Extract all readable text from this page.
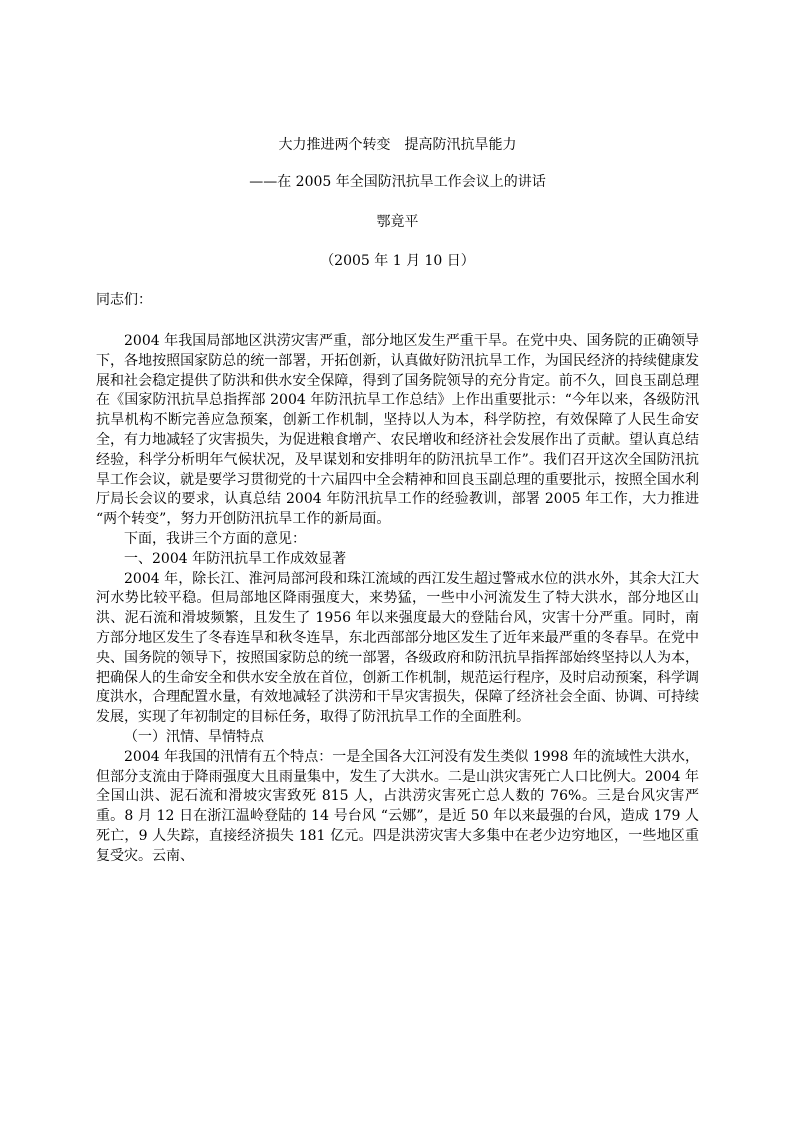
大力推进两个转变　提高防汛抗旱能力

——在 2005 年全国防汛抗旱工作会议上的讲话

鄂竟平

（2005 年 1 月 10 日）

同志们：

2004 年我国局部地区洪涝灾害严重，部分地区发生严重干旱。在党中央、国务院的正确领导下，各地按照国家防总的统一部署，开拓创新，认真做好防汛抗旱工作，为国民经济的持续健康发展和社会稳定提供了防洪和供水安全保障，得到了国务院领导的充分肯定。前不久，回良玉副总理在《国家防汛抗旱总指挥部 2004 年防汛抗旱工作总结》上作出重要批示：“今年以来，各级防汛抗旱机构不断完善应急预案，创新工作机制，坚持以人为本，科学防控，有效保障了人民生命安全，有力地减轻了灾害损失，为促进粮食增产、农民增收和经济社会发展作出了贡献。望认真总结经验，科学分析明年气候状况，及早谋划和安排明年的防汛抗旱工作”。我们召开这次全国防汛抗旱工作会议，就是要学习贯彻党的十六届四中全会精神和回良玉副总理的重要批示，按照全国水利厅局长会议的要求，认真总结 2004 年防汛抗旱工作的经验教训，部署 2005 年工作，大力推进 “两个转变”，努力开创防汛抗旱工作的新局面。

下面，我讲三个方面的意见：

一、2004 年防汛抗旱工作成效显著

2004 年，除长江、淮河局部河段和珠江流域的西江发生超过警戒水位的洪水外，其余大江大河水势比较平稳。但局部地区降雨强度大，来势猛，一些中小河流发生了特大洪水，部分地区山洪、泥石流和滑坡频繁，且发生了 1956 年以来强度最大的登陆台风，灾害十分严重。同时，南方部分地区发生了冬春连旱和秋冬连旱，东北西部部分地区发生了近年来最严重的冬春旱。在党中央、国务院的领导下，按照国家防总的统一部署，各级政府和防汛抗旱指挥部始终坚持以人为本，把确保人的生命安全和供水安全放在首位，创新工作机制，规范运行程序，及时启动预案，科学调度洪水，合理配置水量，有效地减轻了洪涝和干旱灾害损失，保障了经济社会全面、协调、可持续发展，实现了年初制定的目标任务，取得了防汛抗旱工作的全面胜利。

（一）汛情、旱情特点

2004 年我国的汛情有五个特点：一是全国各大江河没有发生类似 1998 年的流域性大洪水，但部分支流由于降雨强度大且雨量集中，发生了大洪水。二是山洪灾害死亡人口比例大。2004 年全国山洪、泥石流和滑坡灾害致死 815 人，占洪涝灾害死亡总人数的 76%。三是台风灾害严重。8 月 12 日在浙江温岭登陆的 14 号台风 “云娜”，是近 50 年以来最强的台风，造成 179 人死亡，9 人失踪，直接经济损失 181 亿元。四是洪涝灾害大多集中在老少边穷地区，一些地区重复受灾。云南、
